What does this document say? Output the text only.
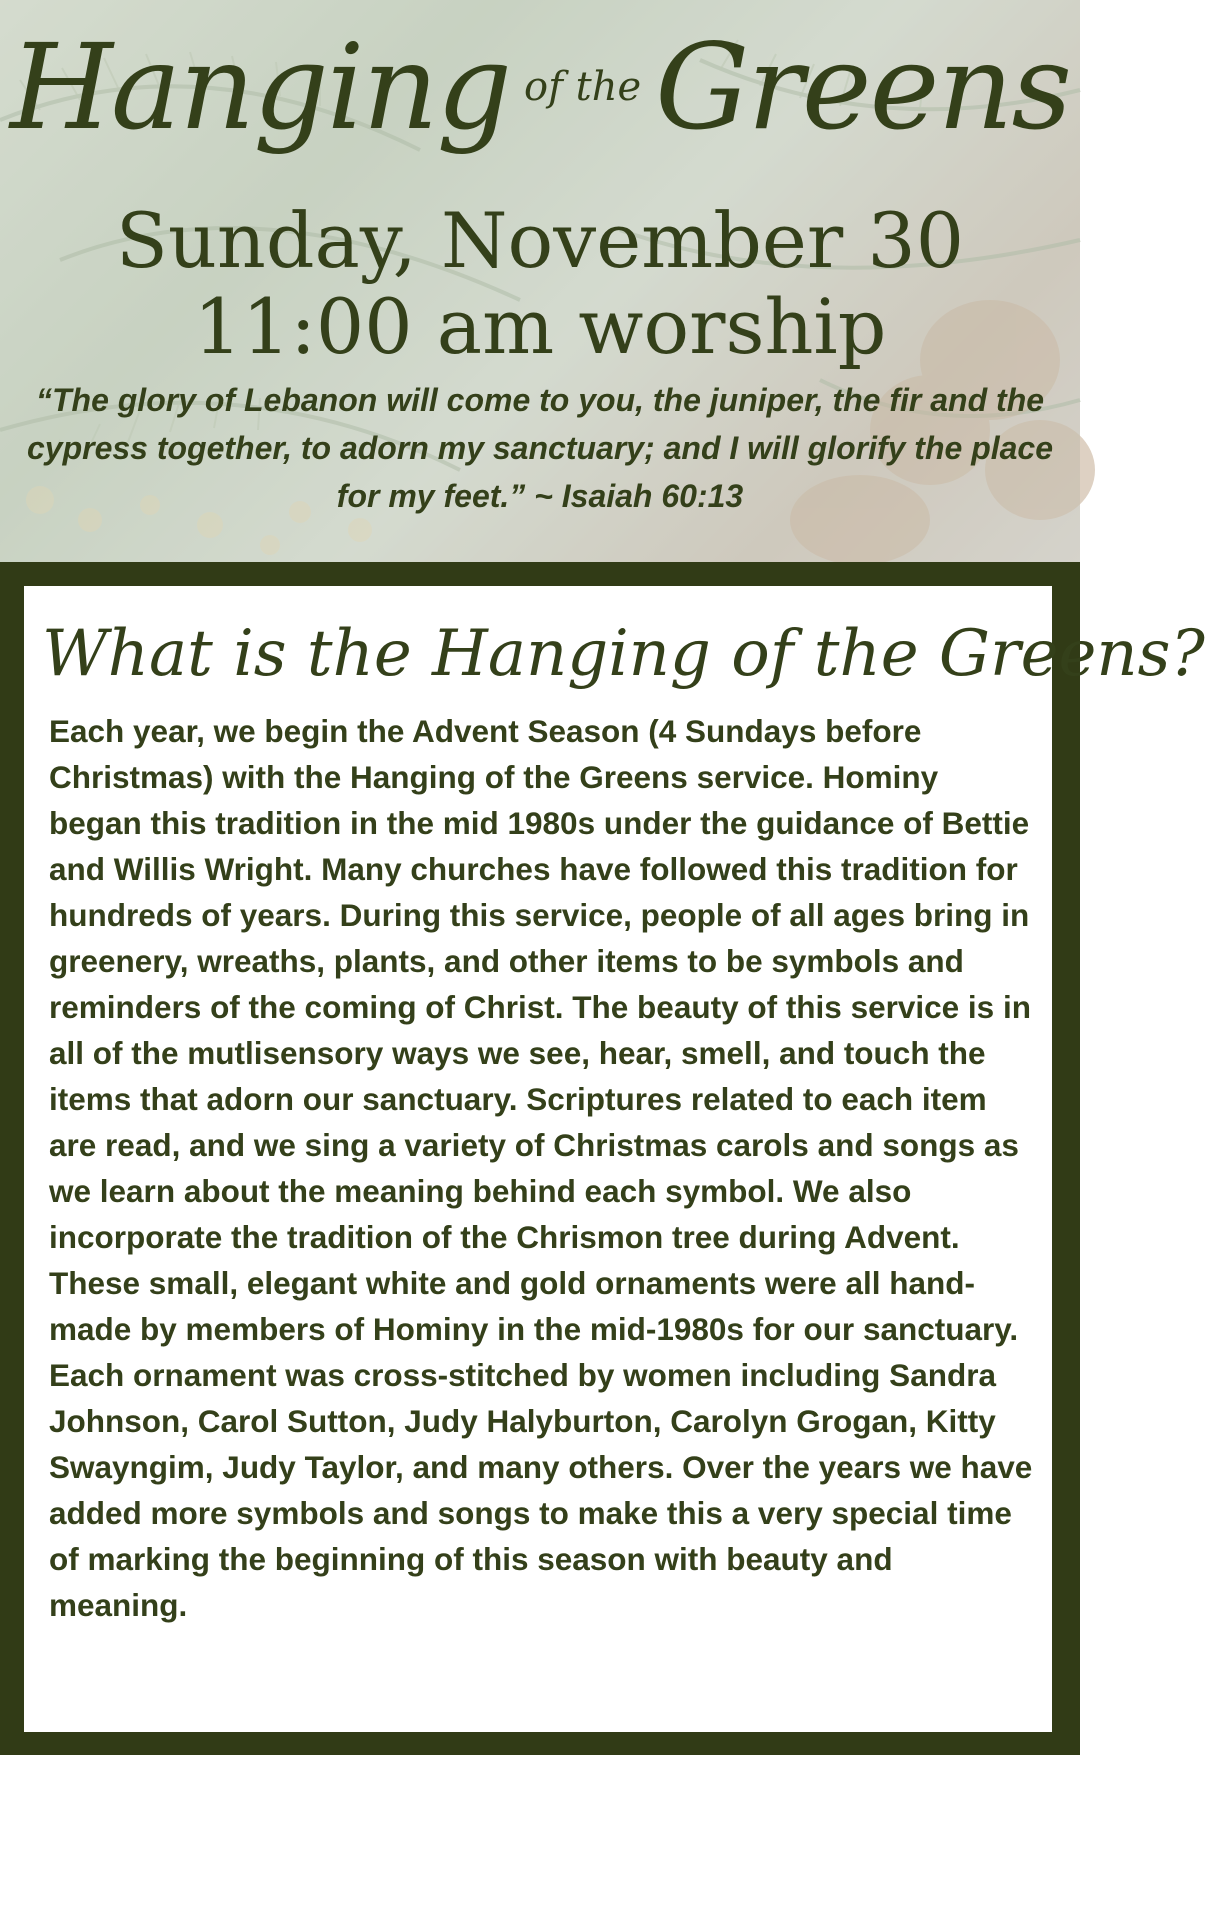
Hanging of the Greens
Sunday, November 30
11:00 am worship
“The glory of Lebanon will come to you, the juniper, the fir and the cypress together, to adorn my sanctuary; and I will glorify the place for my feet.” ~ Isaiah 60:13
What is the Hanging of the Greens?
Each year, we begin the Advent Season (4 Sundays before Christmas) with the Hanging of the Greens service. Hominy began this tradition in the mid 1980s under the guidance of Bettie and Willis Wright. Many churches have followed this tradition for hundreds of years. During this service, people of all ages bring in greenery, wreaths, plants, and other items to be symbols and reminders of the coming of Christ. The beauty of this service is in all of the mutlisensory ways we see, hear, smell, and touch the items that adorn our sanctuary. Scriptures related to each item are read, and we sing a variety of Christmas carols and songs as we learn about the meaning behind each symbol. We also incorporate the tradition of the Chrismon tree during Advent. These small, elegant white and gold ornaments were all hand-made by members of Hominy in the mid-1980s for our sanctuary. Each ornament was cross-stitched by women including Sandra Johnson, Carol Sutton, Judy Halyburton, Carolyn Grogan, Kitty Swayngim, Judy Taylor, and many others. Over the years we have added more symbols and songs to make this a very special time of marking the beginning of this season with beauty and meaning.
